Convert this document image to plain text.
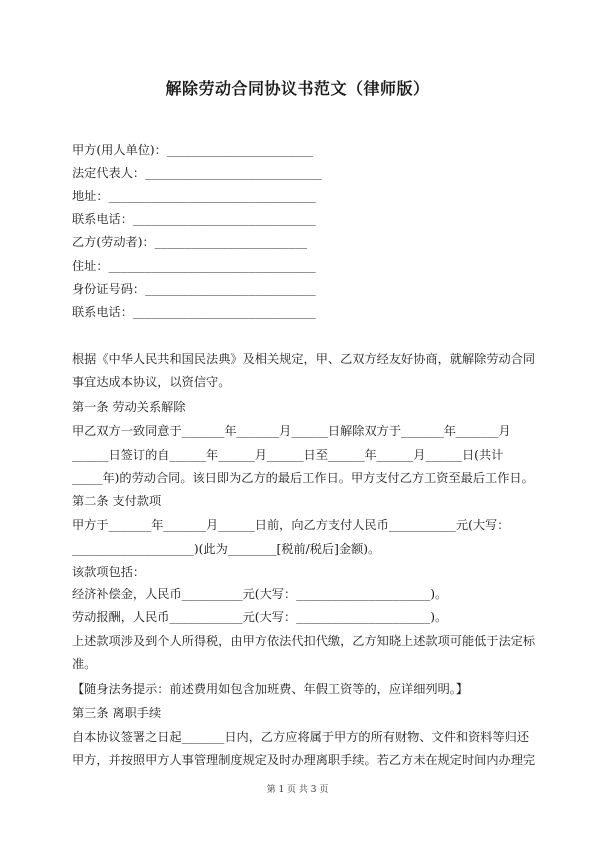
解除劳动合同协议书范文（律师版）
甲方(用人单位)：________________________
法定代表人：_____________________________
地址：__________________________________
联系电话：______________________________
乙方(劳动者)：_________________________
住址：__________________________________
身份证号码：____________________________
联系电话：______________________________
根据《中华人民共和国民法典》及相关规定，甲、乙双方经友好协商，就解除劳动合同
事宜达成本协议，以资信守。
第一条 劳动关系解除
甲乙双方一致同意于_______年_______月______日解除双方于_______年_______月
______日签订的自______年______月______日至______年______月______日(共计
_____年)的劳动合同。该日即为乙方的最后工作日。甲方支付乙方工资至最后工作日。
第二条 支付款项
甲方于_______年_______月______日前，向乙方支付人民币___________元(大写：
____________________)(此为________[税前/税后]金额)。
该款项包括：
经济补偿金，人民币__________元(大写：______________________)。
劳动报酬，人民币____________元(大写：______________________)。
上述款项涉及到个人所得税，由甲方依法代扣代缴，乙方知晓上述款项可能低于法定标
准。
【随身法务提示：前述费用如包含加班费、年假工资等的，应详细列明。】
第三条 离职手续
自本协议签署之日起_______日内，乙方应将属于甲方的所有财物、文件和资料等归还
甲方，并按照甲方人事管理制度规定及时办理离职手续。若乙方未在规定时间内办理完
第 1 页 共 3 页
